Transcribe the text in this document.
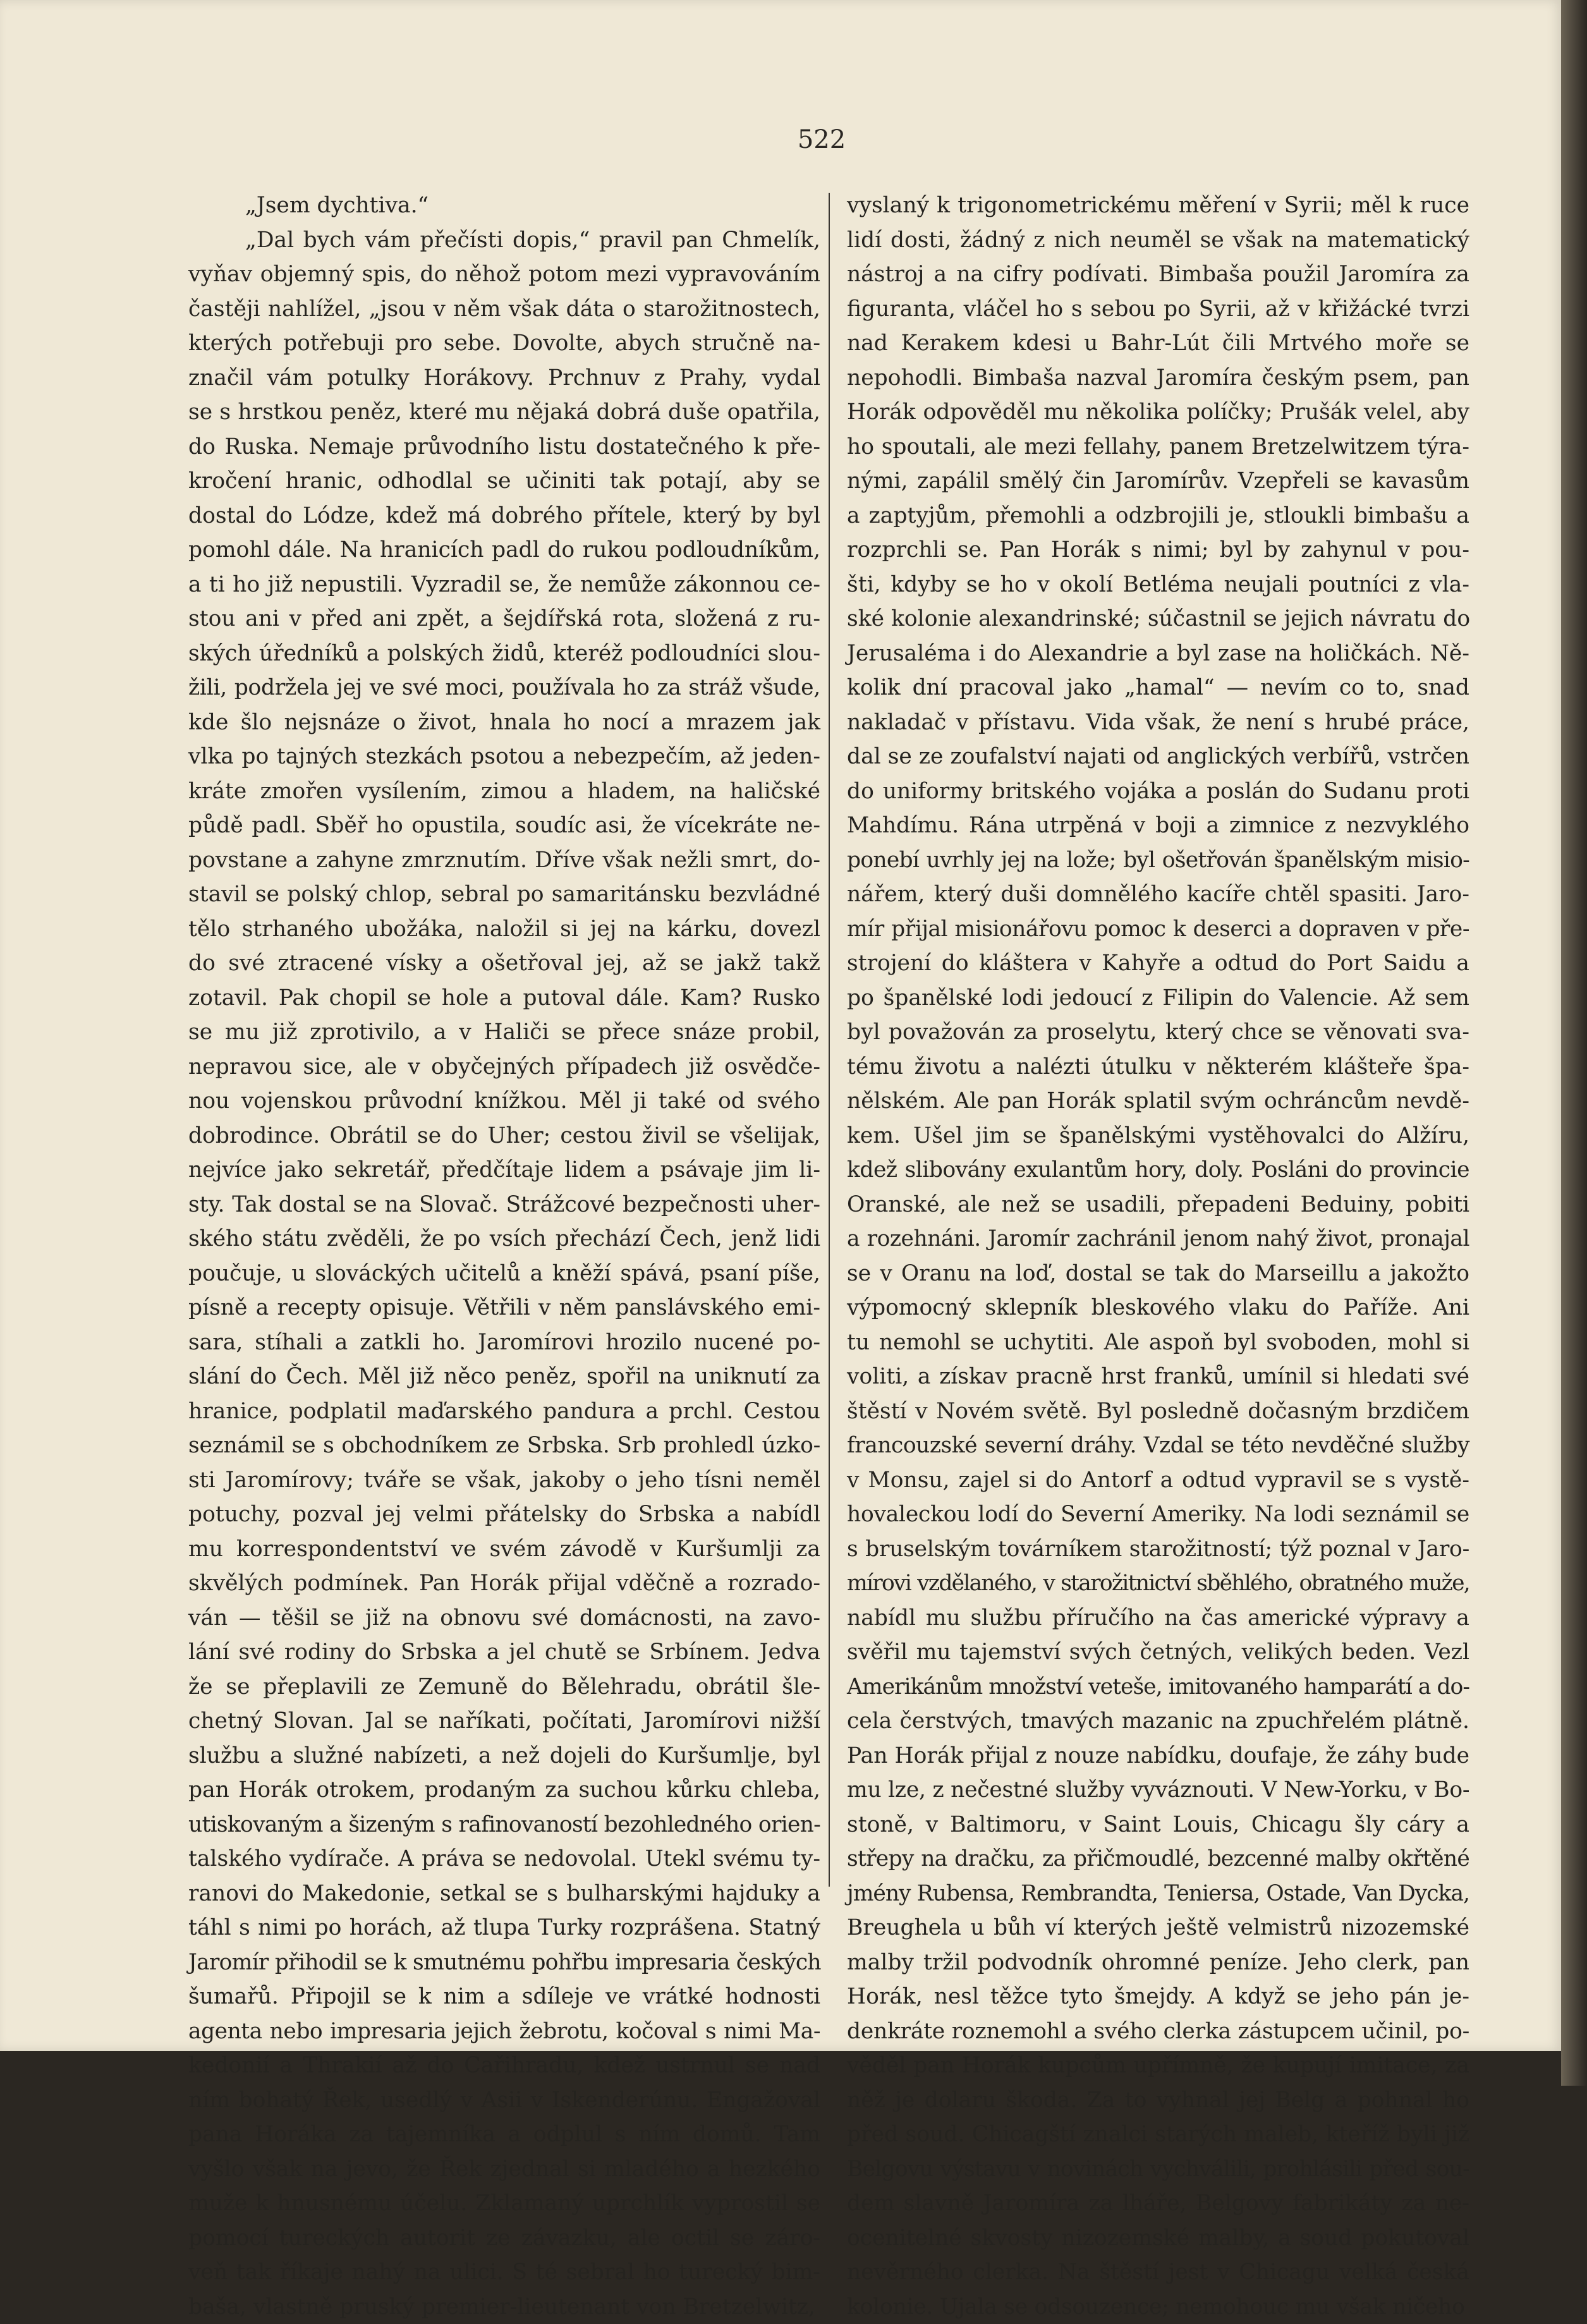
522
„Jsem dychtiva.“
„Dal bych vám přečísti dopis,“ pravil pan Chmelík,
vyňav objemný spis, do něhož potom mezi vypravováním
častěji nahlížel, „jsou v něm však dáta o starožitnostech,
kterých potřebuji pro sebe. Dovolte, abych stručně na-
značil vám potulky Horákovy. Prchnuv z Prahy, vydal
se s hrstkou peněz, které mu nějaká dobrá duše opatřila,
do Ruska. Nemaje průvodního listu dostatečného k pře-
kročení hranic, odhodlal se učiniti tak potají, aby se
dostal do Lódze, kdež má dobrého přítele, který by byl
pomohl dále. Na hranicích padl do rukou podloudníkům,
a ti ho již nepustili. Vyzradil se, že nemůže zákonnou ce-
stou ani v před ani zpět, a šejdířská rota, složená z ru-
ských úředníků a polských židů, kteréž podloudníci slou-
žili, podržela jej ve své moci, používala ho za stráž všude,
kde šlo nejsnáze o život, hnala ho nocí a mrazem jak
vlka po tajných stezkách psotou a nebezpečím, až jeden-
kráte zmořen vysílením, zimou a hladem, na haličské
půdě padl. Sběř ho opustila, soudíc asi, že vícekráte ne-
povstane a zahyne zmrznutím. Dříve však nežli smrt, do-
stavil se polský chlop, sebral po samaritánsku bezvládné
tělo strhaného ubožáka, naložil si jej na kárku, dovezl
do své ztracené vísky a ošetřoval jej, až se jakž takž
zotavil. Pak chopil se hole a putoval dále. Kam? Rusko
se mu již zprotivilo, a v Haliči se přece snáze probil,
nepravou sice, ale v obyčejných případech již osvědče-
nou vojenskou průvodní knížkou. Měl ji také od svého
dobrodince. Obrátil se do Uher; cestou živil se všelijak,
nejvíce jako sekretář, předčítaje lidem a psávaje jim li-
sty. Tak dostal se na Slovač. Strážcové bezpečnosti uher-
ského státu zvěděli, že po vsích přechází Čech, jenž lidi
poučuje, u slováckých učitelů a kněží spává, psaní píše,
písně a recepty opisuje. Větřili v něm panslávského emi-
sara, stíhali a zatkli ho. Jaromírovi hrozilo nucené po-
slání do Čech. Měl již něco peněz, spořil na uniknutí za
hranice, podplatil maďarského pandura a prchl. Cestou
seznámil se s obchodníkem ze Srbska. Srb prohledl úzko-
sti Jaromírovy; tváře se však, jakoby o jeho tísni neměl
potuchy, pozval jej velmi přátelsky do Srbska a nabídl
mu korrespondentství ve svém závodě v Kuršumlji za
skvělých podmínek. Pan Horák přijal vděčně a rozrado-
ván — těšil se již na obnovu své domácnosti, na zavo-
lání své rodiny do Srbska a jel chutě se Srbínem. Jedva
že se přeplavili ze Zemuně do Bělehradu, obrátil šle-
chetný Slovan. Jal se naříkati, počítati, Jaromírovi nižší
službu a služné nabízeti, a než dojeli do Kuršumlje, byl
pan Horák otrokem, prodaným za suchou kůrku chleba,
utiskovaným a šizeným s rafinovaností bezohledného orien-
talského vydírače. A práva se nedovolal. Utekl svému ty-
ranovi do Makedonie, setkal se s bulharskými hajduky a
táhl s nimi po horách, až tlupa Turky rozprášena. Statný
Jaromír přihodil se k smutnému pohřbu impresaria českých
šumařů. Připojil se k nim a sdíleje ve vrátké hodnosti
agenta nebo impresaria jejich žebrotu, kočoval s nimi Ma-
kedonií a Thrakií až do Cařihradu, kdež ustrnul se nad
ním bohatý Řek, usedlý v Asii v Iskenderúnu. Engažoval
pana Horáka za tajemníka a odplul s ním domů. Tam
vyšlo však na jevo, že Řek zjednal si mladého a hezkého
muže k hnusnému účelu. Zklamaný uprchlík vyprostil se
pomocí tureckých autorit ze závazku, ale octil se záro-
veň tak říkaje nahý na ulici. S té sebral ho turecký bim-
baša, vlastně pruský premier-lieutenant von Bretzelwitz,
vyslaný k trigonometrickému měření v Syrii; měl k ruce
lidí dosti, žádný z nich neuměl se však na matematický
nástroj a na cifry podívati. Bimbaša použil Jaromíra za
figuranta, vláčel ho s sebou po Syrii, až v křižácké tvrzi
nad Kerakem kdesi u Bahr-Lút čili Mrtvého moře se
nepohodli. Bimbaša nazval Jaromíra českým psem, pan
Horák odpověděl mu několika políčky; Prušák velel, aby
ho spoutali, ale mezi fellahy, panem Bretzelwitzem týra-
nými, zapálil smělý čin Jaromírův. Vzepřeli se kavasům
a zaptyjům, přemohli a odzbrojili je, stloukli bimbašu a
rozprchli se. Pan Horák s nimi; byl by zahynul v pou-
šti, kdyby se ho v okolí Betléma neujali poutníci z vla-
ské kolonie alexandrinské; súčastnil se jejich návratu do
Jerusaléma i do Alexandrie a byl zase na holičkách. Ně-
kolik dní pracoval jako „hamal“ — nevím co to, snad
nakladač v přístavu. Vida však, že není s hrubé práce,
dal se ze zoufalství najati od anglických verbířů, vstrčen
do uniformy britského vojáka a poslán do Sudanu proti
Mahdímu. Rána utrpěná v boji a zimnice z nezvyklého
ponebí uvrhly jej na lože; byl ošetřován španělským misio-
nářem, který duši domnělého kacíře chtěl spasiti. Jaro-
mír přijal misionářovu pomoc k deserci a dopraven v pře-
strojení do kláštera v Kahyře a odtud do Port Saidu a
po španělské lodi jedoucí z Filipin do Valencie. Až sem
byl považován za proselytu, který chce se věnovati sva-
tému životu a nalézti útulku v některém klášteře špa-
nělském. Ale pan Horák splatil svým ochráncům nevdě-
kem. Ušel jim se španělskými vystěhovalci do Alžíru,
kdež slibovány exulantům hory, doly. Posláni do provincie
Oranské, ale než se usadili, přepadeni Beduiny, pobiti
a rozehnáni. Jaromír zachránil jenom nahý život, pronajal
se v Oranu na loď, dostal se tak do Marseillu a jakožto
výpomocný sklepník bleskového vlaku do Paříže. Ani
tu nemohl se uchytiti. Ale aspoň byl svoboden, mohl si
voliti, a získav pracně hrst franků, umínil si hledati své
štěstí v Novém světě. Byl posledně dočasným brzdičem
francouzské severní dráhy. Vzdal se této nevděčné služby
v Monsu, zajel si do Antorf a odtud vypravil se s vystě-
hovaleckou lodí do Severní Ameriky. Na lodi seznámil se
s bruselským továrníkem starožitností; týž poznal v Jaro-
mírovi vzdělaného, v starožitnictví sběhlého, obratného muže,
nabídl mu službu příručího na čas americké výpravy a
svěřil mu tajemství svých četných, velikých beden. Vezl
Amerikánům množství veteše, imitovaného hamparátí a do-
cela čerstvých, tmavých mazanic na zpuchřelém plátně.
Pan Horák přijal z nouze nabídku, doufaje, že záhy bude
mu lze, z nečestné služby vyváznouti. V New-Yorku, v Bo-
stoně, v Baltimoru, v Saint Louis, Chicagu šly cáry a
střepy na dračku, za přičmoudlé, bezcenné malby okřtěné
jmény Rubensa, Rembrandta, Teniersa, Ostade, Van Dycka,
Breughela u bůh ví kterých ještě velmistrů nizozemské
malby tržil podvodník ohromné peníze. Jeho clerk, pan
Horák, nesl těžce tyto šmejdy. A když se jeho pán je-
denkráte roznemohl a svého clerka zástupcem učinil, po-
věděl pan Horák kupcům upřímně, že kupují imitace, za
něž je dolaru škoda. Za to vyhnal jej Belg a pohnal ho
před soud. Chicagští znalci starých maleb, kteříž byli již
Belgovu výstavu v novinách vychválili, prohlásili před sou-
dem slavně Jaromíra za lháře, Belgovy fabrikáty za ne-
ocenitelné skvosty nizozemské malby, a soud pokutoval
nevěrného clerka. Na štěstí jest v Chicagu velká česká
kolonie. Ujala se odsouzence; nemohouc mu však ničeho
